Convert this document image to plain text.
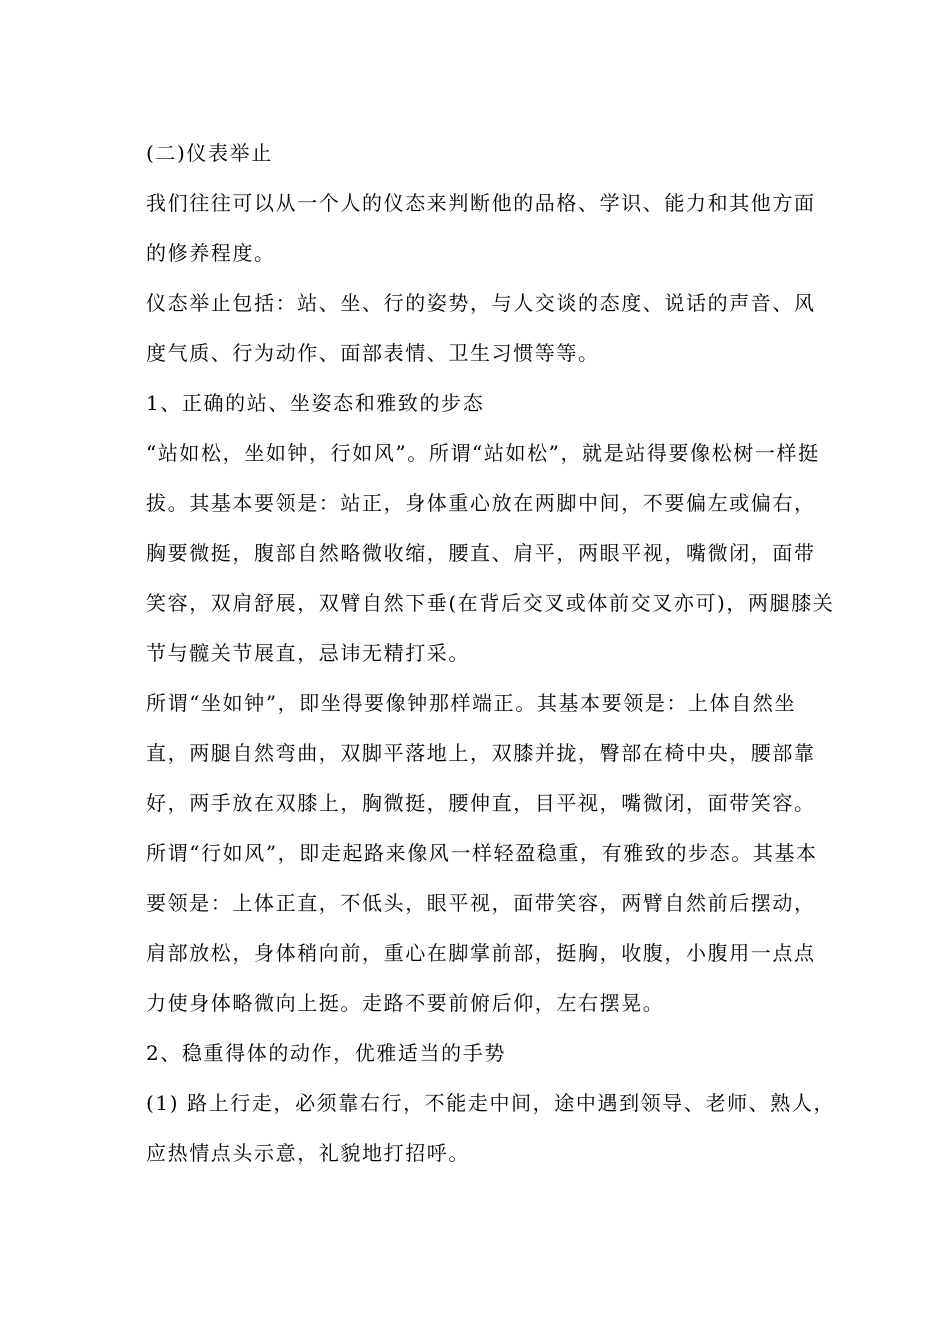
(二)仪表举止

我们往往可以从一个人的仪态来判断他的品格、学识、能力和其他方面的修养程度。

仪态举止包括：站、坐、行的姿势，与人交谈的态度、说话的声音、风度气质、行为动作、面部表情、卫生习惯等等。

1、正确的站、坐姿态和雅致的步态

“站如松，坐如钟，行如风”。所谓“站如松”，就是站得要像松树一样挺拔。其基本要领是：站正，身体重心放在两脚中间，不要偏左或偏右，胸要微挺，腹部自然略微收缩，腰直、肩平，两眼平视，嘴微闭，面带笑容，双肩舒展，双臂自然下垂(在背后交叉或体前交叉亦可)，两腿膝关节与髋关节展直，忌讳无精打采。

所谓“坐如钟”，即坐得要像钟那样端正。其基本要领是：上体自然坐直，两腿自然弯曲，双脚平落地上，双膝并拢，臀部在椅中央，腰部靠好，两手放在双膝上，胸微挺，腰伸直，目平视，嘴微闭，面带笑容。

所谓“行如风”，即走起路来像风一样轻盈稳重，有雅致的步态。其基本要领是：上体正直，不低头，眼平视，面带笑容，两臂自然前后摆动，肩部放松，身体稍向前，重心在脚掌前部，挺胸，收腹，小腹用一点点力使身体略微向上挺。走路不要前俯后仰，左右摆晃。

2、稳重得体的动作，优雅适当的手势

(1) 路上行走，必须靠右行，不能走中间，途中遇到领导、老师、熟人，应热情点头示意，礼貌地打招呼。
